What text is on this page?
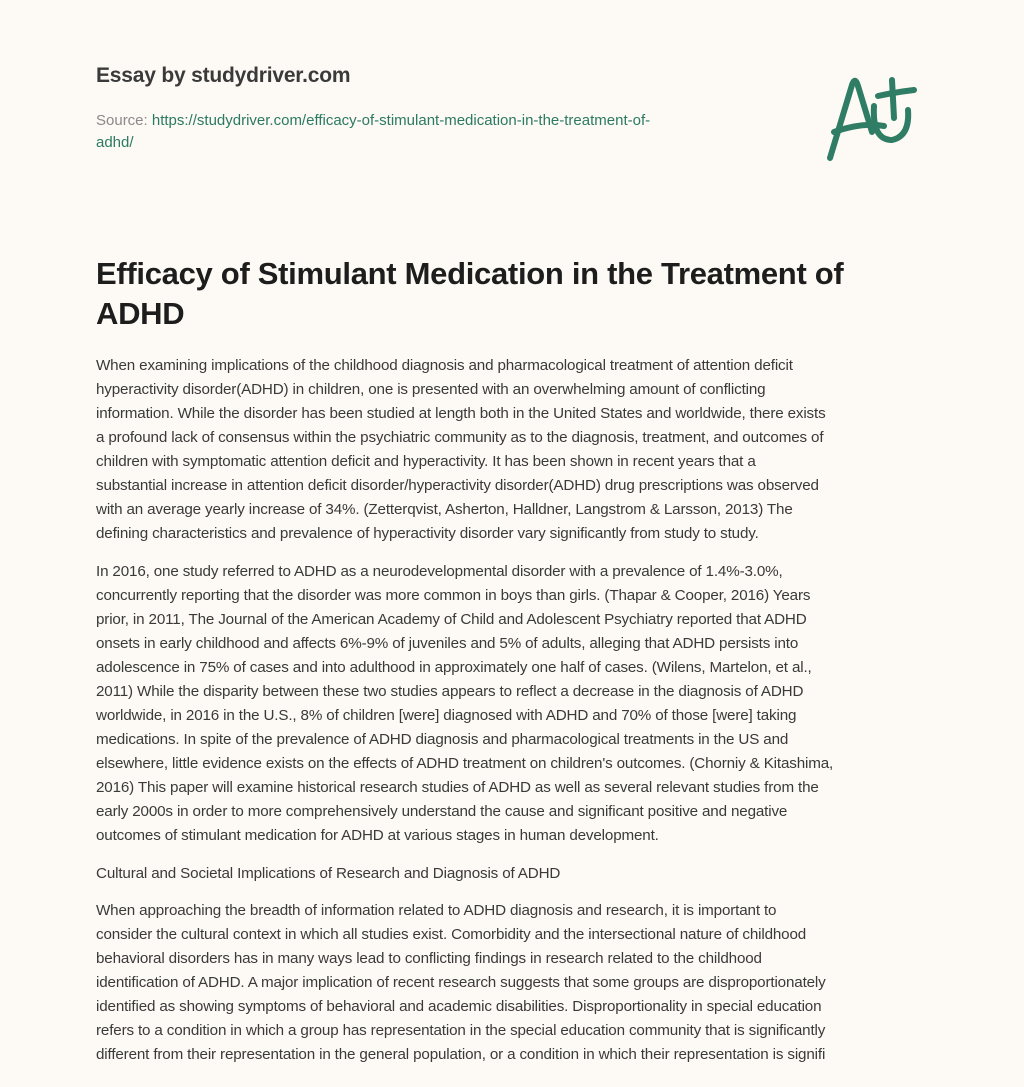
Essay by studydriver.com
Source: https://studydriver.com/efficacy-of-stimulant-medication-in-the-treatment-of-
adhd/
Efficacy of Stimulant Medication in the Treatment of
ADHD

When examining implications of the childhood diagnosis and pharmacological treatment of attention deficit
hyperactivity disorder(ADHD) in children, one is presented with an overwhelming amount of conflicting
information. While the disorder has been studied at length both in the United States and worldwide, there exists
a profound lack of consensus within the psychiatric community as to the diagnosis, treatment, and outcomes of
children with symptomatic attention deficit and hyperactivity. It has been shown in recent years that a
substantial increase in attention deficit disorder/hyperactivity disorder(ADHD) drug prescriptions was observed
with an average yearly increase of 34%. (Zetterqvist, Asherton, Halldner, Langstrom & Larsson, 2013) The
defining characteristics and prevalence of hyperactivity disorder vary significantly from study to study.

In 2016, one study referred to ADHD as a neurodevelopmental disorder with a prevalence of 1.4%-3.0%,
concurrently reporting that the disorder was more common in boys than girls. (Thapar & Cooper, 2016) Years
prior, in 2011, The Journal of the American Academy of Child and Adolescent Psychiatry reported that ADHD
onsets in early childhood and affects 6%-9% of juveniles and 5% of adults, alleging that ADHD persists into
adolescence in 75% of cases and into adulthood in approximately one half of cases. (Wilens, Martelon, et al.,
2011) While the disparity between these two studies appears to reflect a decrease in the diagnosis of ADHD
worldwide, in 2016 in the U.S., 8% of children [were] diagnosed with ADHD and 70% of those [were] taking
medications. In spite of the prevalence of ADHD diagnosis and pharmacological treatments in the US and
elsewhere, little evidence exists on the effects of ADHD treatment on children's outcomes. (Chorniy & Kitashima,
2016) This paper will examine historical research studies of ADHD as well as several relevant studies from the
early 2000s in order to more comprehensively understand the cause and significant positive and negative
outcomes of stimulant medication for ADHD at various stages in human development.

Cultural and Societal Implications of Research and Diagnosis of ADHD

When approaching the breadth of information related to ADHD diagnosis and research, it is important to
consider the cultural context in which all studies exist. Comorbidity and the intersectional nature of childhood
behavioral disorders has in many ways lead to conflicting findings in research related to the childhood
identification of ADHD. A major implication of recent research suggests that some groups are disproportionately
identified as showing symptoms of behavioral and academic disabilities. Disproportionality in special education
refers to a condition in which a group has representation in the special education community that is significantly
different from their representation in the general population, or a condition in which their representation is signifi
